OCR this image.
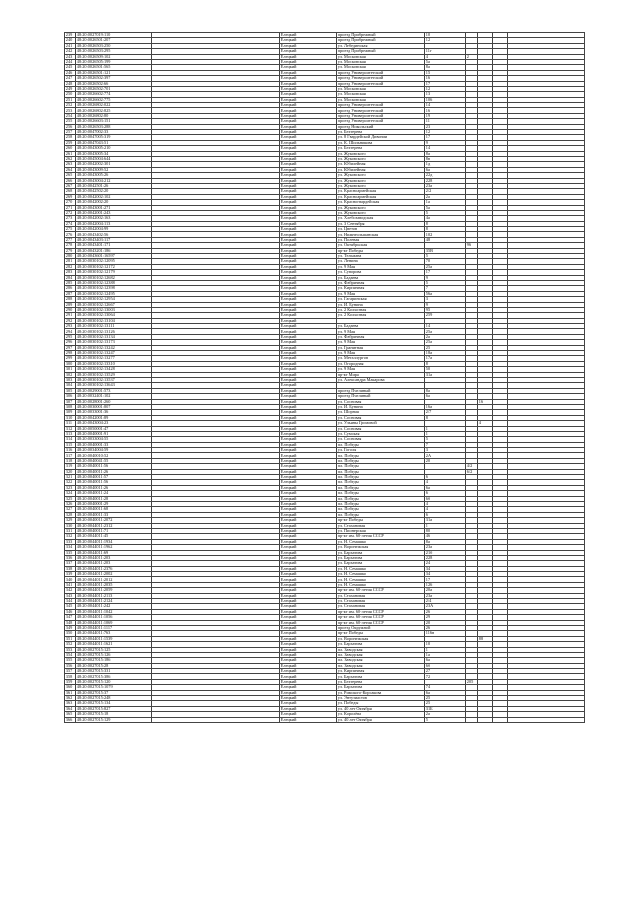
239	48:20:0027019:110		Елецкий	проезд Прибрежный	10				
240	48:20:0026501:207		Елецкий	проезд Прибрежный	12				
241	48:20:0026503:250		Елецкий	ул. Лебединская					
242	48:20:0026503:295		Елецкий	проезд Прибрежный	11г				
243	48:20:0026509:102		Елецкий	ул. Московская	4	2			
244	48:20:0026505:199		Елецкий	ул. Московская	5а				
245	48:20:0026501:565		Елецкий	ул. Московская	8а				
246	48:20:0026501:121		Елецкий	проезд Университетский	15				
247	48:20:0026502:397		Елецкий	проезд Университетский	16				
248	48:20:0026502:66		Елецкий	проезд Университетский	17				
249	48:20:0026502:701		Елецкий	ул. Московская	12				
250	48:20:0026602:774		Елецкий	ул. Московская	13				
251	48:20:0026602:775		Елецкий	ул. Московская	106				
252	48:20:0026802:022		Елецкий	проезд Университетский	14				
253	48:20:0026802:825		Елецкий	проезд Университетский	16				
254	48:20:0026802:80		Елецкий	проезд Университетский	19				
255	48:20:0026603:151		Елецкий	проезд Университетский	11				
256	48:20:0026503:288		Елецкий	проезд Никольский	23				
257	48:20:0047002:33		Елецкий	ул. Бехтерева	12				
258	48:20:0047005:319		Елецкий	ул. 8 Гвардейской Дивизии	17				
259	48:20:0047043:51		Елецкий	ул. К. Шильникова	9				
260	48:20:0043005:210		Елецкий	ул. Бехтерева	14				
261	48:20:0043005:34		Елецкий	ул. Жуковского	8а				
262	48:20:0045004:644		Елецкий	ул. Жуковского	8в				
263	48:20:0042002:301		Елецкий	ул. Юбилейная	1д				
264	48:20:0043009:52		Елецкий	ул. Юбилейная	6а				
265	48:20:0043005:26		Елецкий	ул. Жуковского	22д				
266	48:20:0043004:212		Елецкий	ул. Жуковского	228				
267	48:20:0042501:26		Елецкий	ул. Жуковского	23а				
268	48:20:0042502:20		Елецкий	ул. Красноармейская	2/2				
269	48:20:0042002:102		Елецкий	ул. Красноармейская	2а				
270	48:20:0042002:20		Елецкий	ул. Красногвардейская	1а				
271	48:20:0043001:271		Елецкий	ул. Жуковского	5а				
272	48:20:0042001:243		Елецкий	ул. Жуковского	5				
273	48:20:0042002:163		Елецкий	ул. Хлебозаводская	4а				
274	48:20:0042004:113		Елецкий	ул. 3 Сентября	8				
275	48:20:0042004:99		Елецкий	ул. Цветов	8				
276	48:20:0043402:56		Елецкий	ул. Нижнеольшанская	102				
277	48:20:0043403:117		Елецкий	ул. Полевая	48				
278	48:20:0043401:171		Елецкий	ул. Октябрьская		96			
279	48:20:0043201:186		Елецкий	пр-кт Победы	35В				
280	48:20:0043601:16597		Елецкий	ул. Тельмана	5				
281	48:20:0030102:12095		Елецкий	ул. Ленина	70				
282	48:20:0030102:12172		Елецкий	ул. 9 Мая	25а				
283	48:20:0030102:12179		Елецкий	ул. Суворова	17				
284	48:20:0030102:12682		Елецкий	ул. Бадаева	9				
285	48:20:0030102:12388		Елецкий	ул. Фабричная	5				
286	48:20:0030102:12398		Елецкий	ул. Кирпичная	7				
287	48:20:0030102:12495		Елецкий	ул. 9 Мая	56а				
288	48:20:0030102:12954		Елецкий	ул. Гагаринская	3				
289	48:20:0030102:12667		Елецкий	ул. И. Бунина	9				
290	48:20:0030102:13003		Елецкий	ул. 2 Колхозная	95				
291	48:20:0030102:13064		Елецкий	ул. 2 Колхозная	259				
292	48:20:0030102:13104		Елецкий						
293	48:20:0030102:13111		Елецкий	ул. Бадаева	14				
294	48:20:0030102:13126		Елецкий	ул. 9 Мая	25а				
295	48:20:0030102:13134		Елецкий	ул. Фабричная	2а				
296	48:20:0030102:13173		Елецкий	ул. 9 Мая	25а				
297	48:20:0030102:13242		Елецкий	ул. Гранитная	25				
298	48:20:0030102:13247		Елецкий	ул. 9 Мая	18а				
299	48:20:0030102:13277		Елецкий	ул. Металлургов	17а				
300	48:20:0030102:13310		Елецкий	ул. Огородная	8				
301	48:20:0030102:13428		Елецкий	ул. 9 Мая	50				
302	48:20:0030102:13529		Елецкий	пр-кт Мира	31а				
303	48:20:0030102:13537		Елецкий	ул. Александра Макарова					
304	48:20:0030102:13643		Елецкий						
305	48:20:0029001:573		Елецкий	проезд Пчелиный	8а				
306	48:20:0032401:102		Елецкий	проезд Пчелиный	6а				
307	48:20:0028001:260		Елецкий	ул. Сосновая			16		
308	48:20:0030001:807		Елецкий	ул. И. Бунина	16а				
309	48:20:0033001:36		Елецкий	ул. Шорная	2/7				
310	48:20:0042001:89		Елецкий	ул. Сосновая	8				
311	48:20:0043004:23		Елецкий	ул. Ульяны Громовой			4		
312	48:20:0050001:47		Елецкий	ул. Сосновая	1				
313	48:20:0040001:91		Елецкий	ул. Сумская	1				
314	48:20:0033004:55		Елецкий	ул. Сосновая	5				
315	48:20:0040001:33		Елецкий	пл. Победы	7				
316	48:20:0034004:59		Елецкий	ул. Гоголя	3				
317	48:20:0040010:52		Елецкий	пл. Победы	2А				
318	48:20:0040041:55		Елецкий	пл. Победы	20				
319	48:20:0040011:56		Елецкий	пл. Победы		4/2			
320	48:20:0040011:26		Елецкий	пл. Победы		6/2			
321	48:20:0040011:57		Елецкий	пл. Победы	6				
322	48:20:0040011:56		Елецкий	пл. Победы	4				
323	48:20:0040011:26		Елецкий	пл. Победы	6а				
324	48:20:0040011:24		Елецкий	пл. Победы	6				
325	48:20:0040011:28		Елецкий	пл. Победы	6б				
326	48:20:0040001:29		Елецкий	пл. Победы	4				
327	48:20:0040011:68		Елецкий	пл. Победы	4				
328	48:20:0040011:33		Елецкий	пл. Победы	6				
329	48:20:0040011:2072		Елецкий	пр-кт Победы	31а				
330	48:20:0044011:2312		Елецкий	ул. Стахановая	1				
331	48:20:0040011:71		Елецкий	ул. Пионерская	80				
332	48:20:0044011:45		Елецкий	пр-кт им. 60-летия СССР	46				
333	48:20:0044011:1934		Елецкий	ул. Н. Семашко	8а				
334	48:20:0044011:1962		Елецкий	ул. Воронежская	23а				
335	48:20:0044011:69		Елецкий	ул. Бархатова	21б				
336	48:20:0044011:203		Елецкий	ул. Бархатова	228				
337	48:20:0044011:203		Елецкий	ул. Бархатова	24				
338	48:20:0044011:2376		Елецкий	ул. Н. Семашко	34				
339	48:20:0044011:2002		Елецкий	ул. Н. Семашко	34				
340	48:20:0044011:2012		Елецкий	ул. Н. Семашко	17				
341	48:20:0044011:2035		Елецкий	ул. Н. Семашко	126				
342	48:20:0044011:2059		Елецкий	пр-кт им. 60-летия СССР	20а				
343	48:20:0044011:2113		Елецкий	ул. Стахановая	23а				
344	48:20:0044011:2124		Елецкий	ул. Стахановая	2/4				
345	48:20:0044011:242		Елецкий	ул. Стахановая	23А				
346	48:20:0044011:1042		Елецкий	пр-кт им. 60-летия СССР	26				
347	48:20:0044011:1056		Елецкий	пр-кт им. 60-летия СССР	29				
348	48:20:0044011:1069		Елецкий	пр-кт им. 60-летия СССР	20				
349	48:20:0044011:1117		Елецкий	проезд Окружной	26				
350	48:20:0044011:763		Елецкий	пр-кт Победы	116в				
351	48:20:0044011:1539		Елецкий	ул. Воронежская			88		
352	48:20:0044011:1621		Елецкий	ул. Бархатова	10				
353	48:20:0027015:125		Елецкий	пл. Заводская	1				
354	48:20:0027015:126		Елецкий	пл. Заводская	1а				
355	48:20:0027015:186		Елецкий	пл. Заводская	6а				
356	48:20:0027015:28		Елецкий	пл. Заводская	6б				
357	48:20:0027015:331		Елецкий	ул. Кирпичная	27				
358	48:20:0027015:386		Елецкий	ул. Бархатова	72				
359	48:20:0027015:120		Елецкий	ул. Бехтерева		205			
360	48:20:0027015:1079		Елецкий	ул. Бархатова	74				
361	48:20:0027015:37		Елецкий	ул. Римского-Корсакова	6а				
362	48:20:0027015:248		Елецкий	ул. Энтузиастов	25				
363	48:20:0027015:134		Елецкий	ул. Победы	25				
364	48:20:0027015:827		Елецкий	ул. 40 лет Октября	31Б				
365	48:20:0027015:18		Елецкий	ул. Королёва	2а				
366	48:20:0027015:129		Елецкий	ул. 40 лет Октября	5				
